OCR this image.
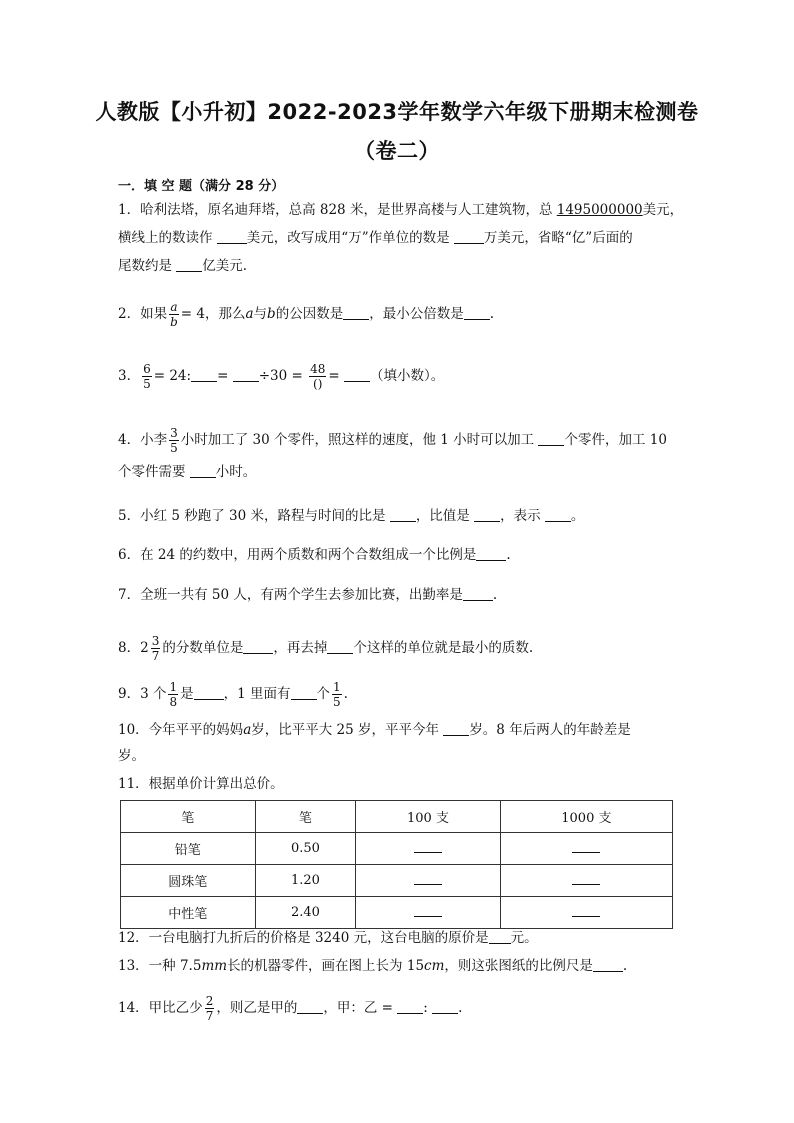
人教版【小升初】2022-2023学年数学六年级下册期末检测卷
（卷二）
一．填 空 题（满分 28 分）
1．哈利法塔，原名迪拜塔，总高 828 米，是世界高楼与人工建筑物，总 1495000000美元，
横线上的数读作 美元，改写成用“万”作单位的数是 万美元，省略“亿”后面的
尾数约是 亿美元.
2．如果 $\frac{a}{b} = 4$，那么a与b的公因数是 ，最小公倍数是 .
3． $\frac{6}{5} = 24$: = $\div 30 = \frac{48}{()}$ = （填小数）。
4．小李 $\frac{3}{5}$ 小时加工了 30 个零件，照这样的速度，他 1 小时可以加工 个零件，加工 10
个零件需要 小时。
5．小红 5 秒跑了 30 米，路程与时间的比是 ，比值是 ，表示 。
6．在 24 的约数中，用两个质数和两个合数组成一个比例是 .
7．全班一共有 50 人，有两个学生去参加比赛，出勤率是 .
8．$2 \frac{3}{7}$ 的分数单位是 ，再去掉 个这样的单位就是最小的质数.
9．3 个 $\frac{1}{8}$ 是 ，1 里面有 个 $\frac{1}{5}$ .
10．今年平平的妈妈a岁，比平平大 25 岁，平平今年 岁。8 年后两人的年龄差是
岁。
11．根据单价计算出总价。
笔	笔	100 支	1000 支
铅笔	0.50		
圆珠笔	1.20		
中性笔	2.40		
12．一台电脑打九折后的价格是 3240 元，这台电脑的原价是 元。
13．一种 7.5mm长的机器零件，画在图上长为 15cm，则这张图纸的比例尺是 .
14．甲比乙少 $\frac{2}{7}$ ，则乙是甲的 ，甲：乙 = : .
